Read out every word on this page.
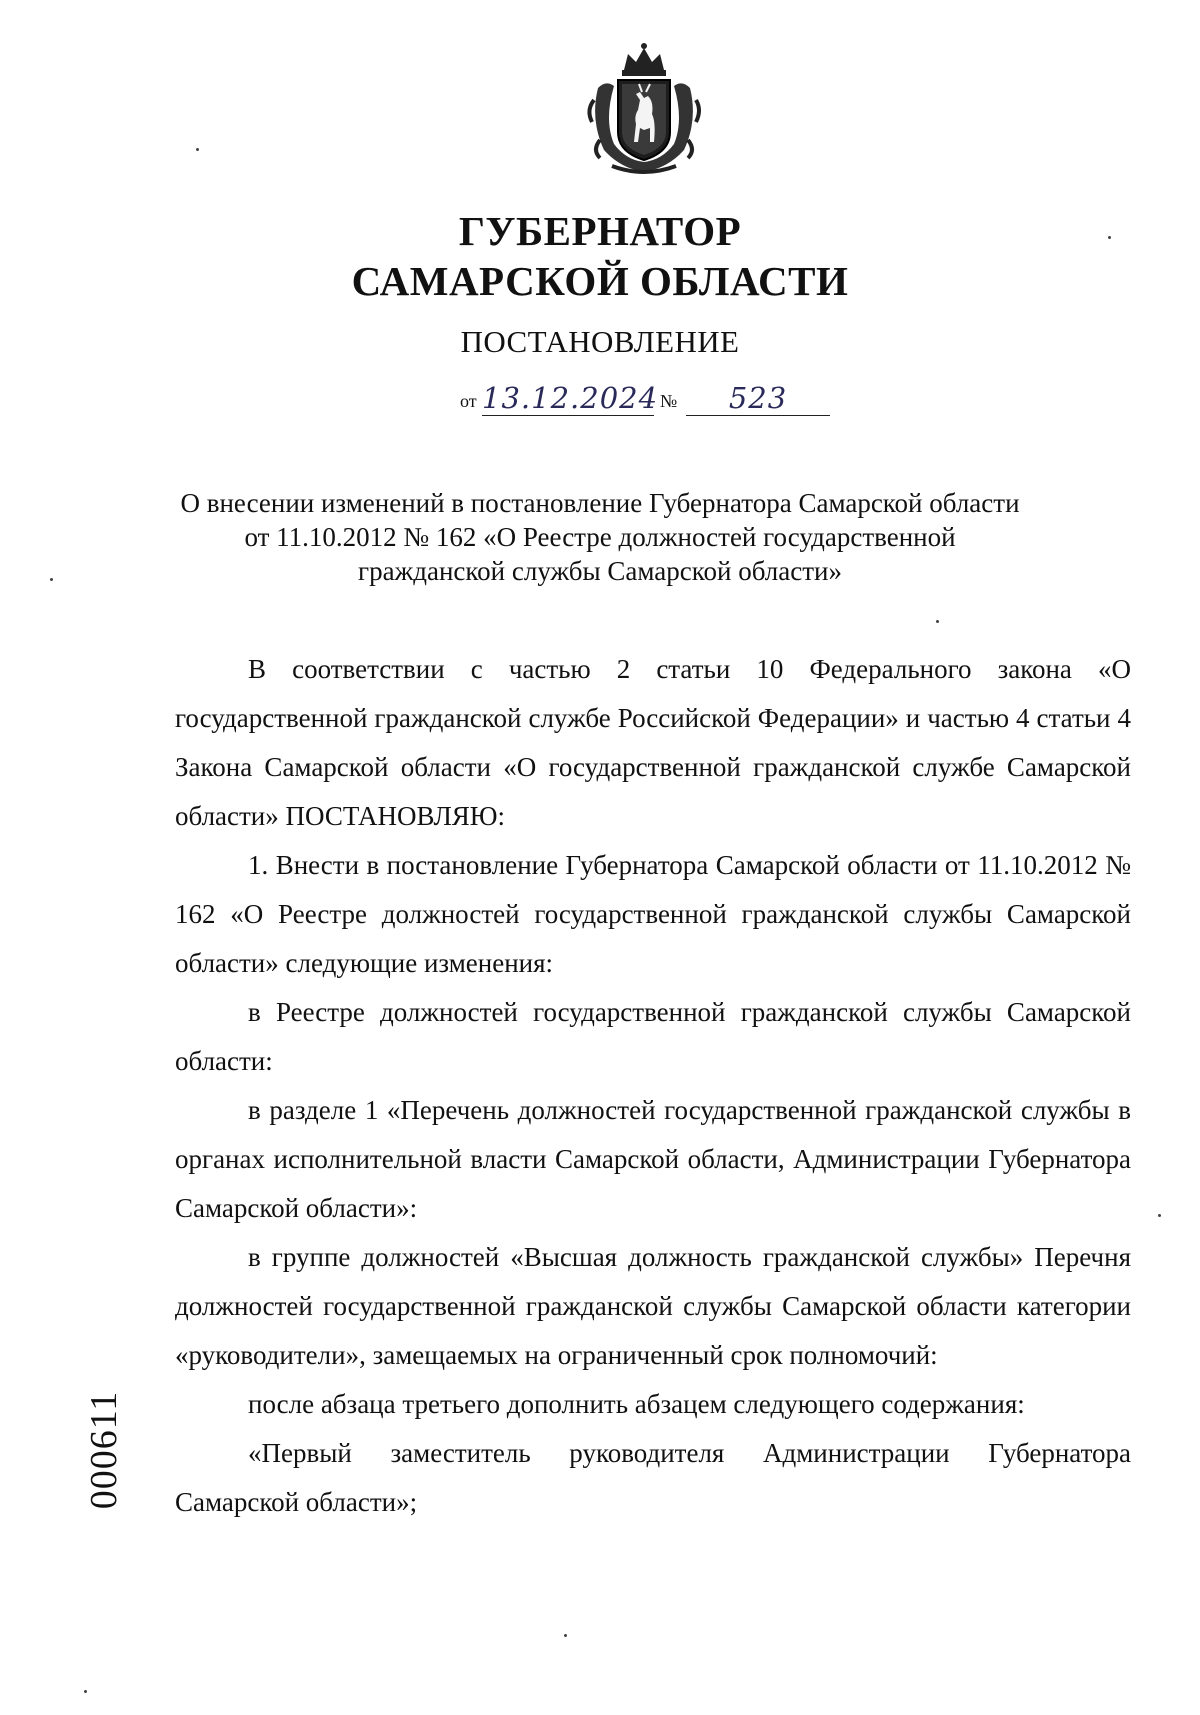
ГУБЕРНАТОР
САМАРСКОЙ ОБЛАСТИ
ПОСТАНОВЛЕНИЕ
от 13.12.2024 №	523
О внесении изменений в постановление Губернатора Самарской области
от 11.10.2012 № 162 «О Реестре должностей государственной
гражданской службы Самарской области»

В соответствии с частью 2 статьи 10 Федерального закона «О государственной гражданской службе Российской Федерации» и частью 4 статьи 4 Закона Самарской области «О государственной гражданской службе Самарской области» ПОСТАНОВЛЯЮ:

1. Внести в постановление Губернатора Самарской области от 11.10.2012 № 162 «О Реестре должностей государственной гражданской службы Самарской области» следующие изменения:

в Реестре должностей государственной гражданской службы Самарской области:

в разделе 1 «Перечень должностей государственной гражданской службы в органах исполнительной власти Самарской области, Администрации Губернатора Самарской области»:

в группе должностей «Высшая должность гражданской службы» Перечня должностей государственной гражданской службы Самарской области категории «руководители», замещаемых на ограниченный срок полномочий:

после абзаца третьего дополнить абзацем следующего содержания:

«Первый заместитель руководителя Администрации Губернатора Самарской области»;

000611
